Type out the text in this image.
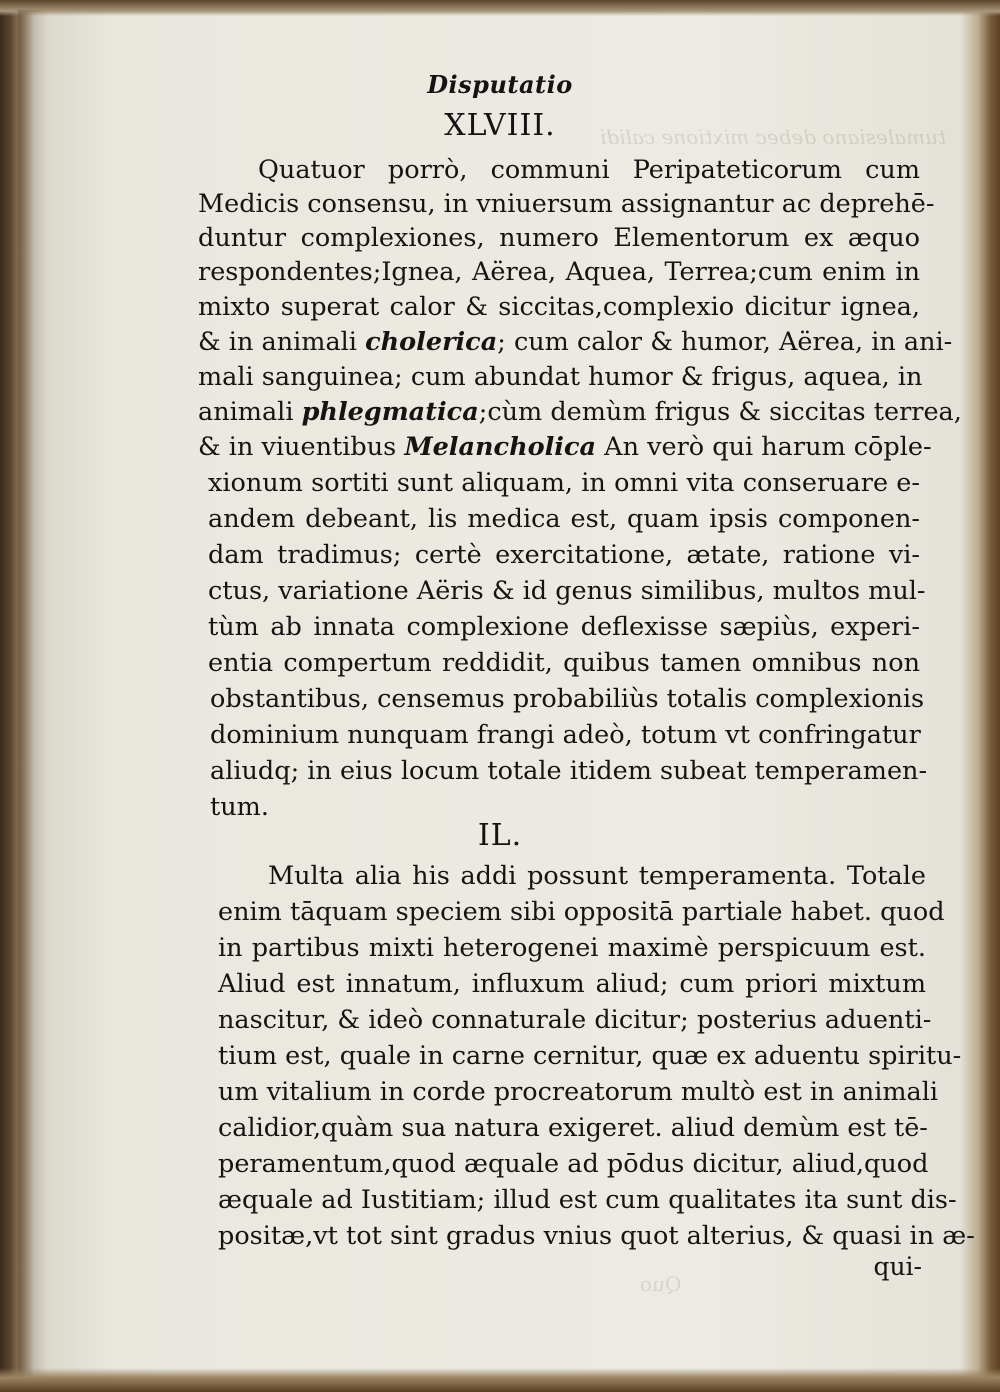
tumalesiano debec mixtione calidi
Quo
Disputatio
XLVIII.
Quatuor porrò, communi Peripateticorum cum
Medicis consensu, in vniuersum assignantur ac deprehē-
duntur complexiones, numero Elementorum ex æquo
respondentes;Ignea, Aërea, Aquea, Terrea;cum enim in
mixto superat calor & siccitas,complexio dicitur ignea,
& in animali cholerica; cum calor & humor, Aërea, in ani-
mali sanguinea; cum abundat humor & frigus, aquea, in
animali phlegmatica;cùm demùm frigus & siccitas terrea,
& in viuentibus Melancholica An verò qui harum cōple-
xionum sortiti sunt aliquam, in omni vita conseruare e-
andem debeant, lis medica est, quam ipsis componen-
dam tradimus; certè exercitatione, ætate, ratione vi-
ctus, variatione Aëris & id genus similibus, multos mul-
tùm ab innata complexione deflexisse sæpiùs, experi-
entia compertum reddidit, quibus tamen omnibus non
obstantibus, censemus probabiliùs totalis complexionis
dominium nunquam frangi adeò, totum vt confringatur
aliudq; in eius locum totale itidem subeat temperamen-
tum.
IL.
Multa alia his addi possunt temperamenta. Totale
enim tāquam speciem sibi oppositā partiale habet. quod
in partibus mixti heterogenei maximè perspicuum est.
Aliud est innatum, influxum aliud; cum priori mixtum
nascitur, & ideò connaturale dicitur; posterius aduenti-
tium est, quale in carne cernitur, quæ ex aduentu spiritu-
um vitalium in corde procreatorum multò est in animali
calidior,quàm sua natura exigeret. aliud demùm est tē-
peramentum,quod æquale ad pōdus dicitur, aliud,quod
æquale ad Iustitiam; illud est cum qualitates ita sunt dis-
positæ,vt tot sint gradus vnius quot alterius, & quasi in æ-
qui-
